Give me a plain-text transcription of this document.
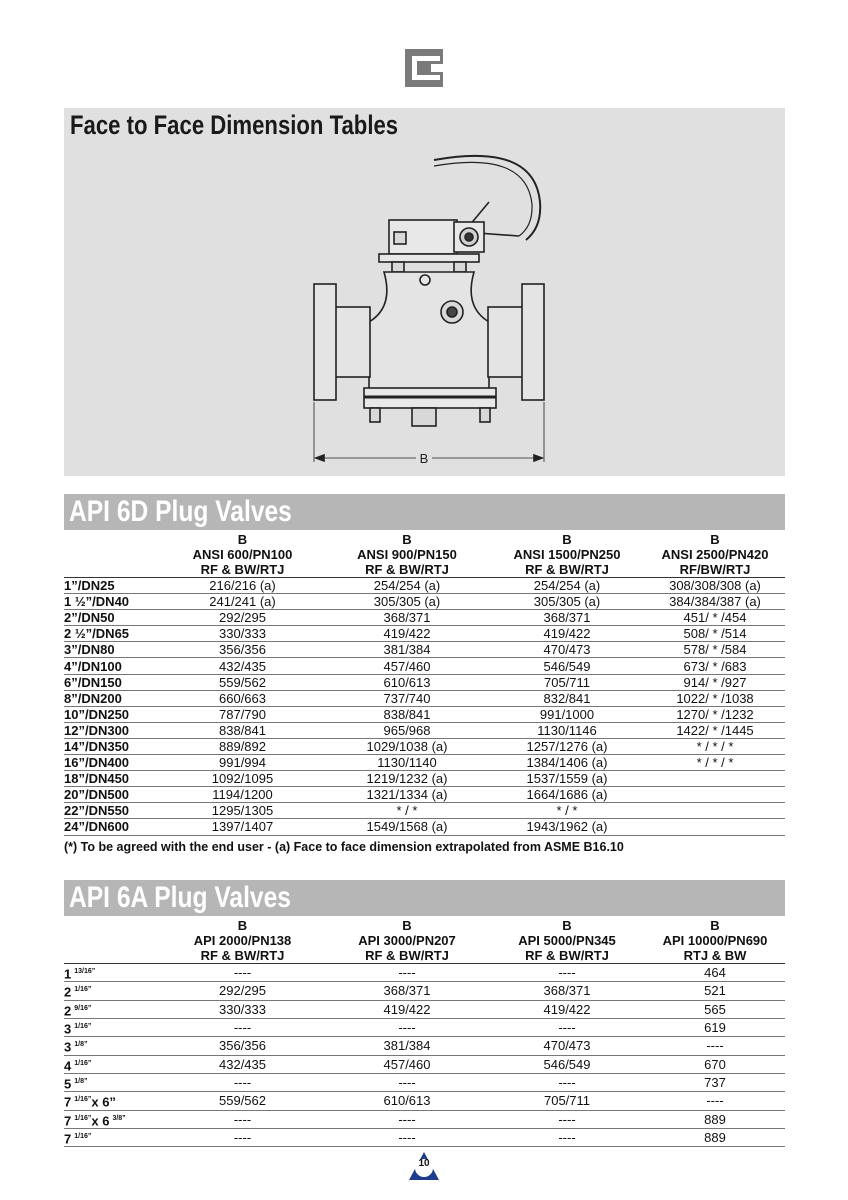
Face to Face Dimension Tables
B
API 6D Plug Valves
	B	B	B	B
	ANSI 600/PN100	ANSI 900/PN150	ANSI 1500/PN250	ANSI 2500/PN420
	RF & BW/RTJ	RF & BW/RTJ	RF & BW/RTJ	RF/BW/RTJ
1”/DN25	216/216 (a)	254/254 (a)	254/254 (a)	308/308/308 (a)
1 ½”/DN40	241/241 (a)	305/305 (a)	305/305 (a)	384/384/387 (a)
2”/DN50	292/295	368/371	368/371	451/ * /454
2 ½”/DN65	330/333	419/422	419/422	508/ * /514
3”/DN80	356/356	381/384	470/473	578/ * /584
4”/DN100	432/435	457/460	546/549	673/ * /683
6”/DN150	559/562	610/613	705/711	914/ * /927
8”/DN200	660/663	737/740	832/841	1022/ * /1038
10”/DN250	787/790	838/841	991/1000	1270/ * /1232
12”/DN300	838/841	965/968	1130/1146	1422/ * /1445
14”/DN350	889/892	1029/1038 (a)	1257/1276 (a)	* / * / *
16”/DN400	991/994	1130/1140	1384/1406 (a)	* / * / *
18”/DN450	1092/1095	1219/1232 (a)	1537/1559 (a)	
20”/DN500	1194/1200	1321/1334 (a)	1664/1686 (a)	
22”/DN550	1295/1305	* / *	* / *	
24”/DN600	1397/1407	1549/1568 (a)	1943/1962 (a)	

(*) To be agreed with the end user - (a) Face to face dimension extrapolated from ASME B16.10

API 6A Plug Valves
	B	B	B	B
	API 2000/PN138	API 3000/PN207	API 5000/PN345	API 10000/PN690
	RF & BW/RTJ	RF & BW/RTJ	RF & BW/RTJ	RTJ & BW
1 $^{13/16”}$	----	----	----	464
2 $^{1/16”}$	292/295	368/371	368/371	521
2 $^{9/16”}$	330/333	419/422	419/422	565
3 $^{1/16”}$	----	----	----	619
3 $^{1/8”}$	356/356	381/384	470/473	----
4 $^{1/16”}$	432/435	457/460	546/549	670
5 $^{1/8”}$	----	----	----	737
7 $^{1/16”}$x 6”	559/562	610/613	705/711	----
7 $^{1/16”}$x 6 $^{3/8”}$	----	----	----	889
7 $^{1/16”}$	----	----	----	889
10
